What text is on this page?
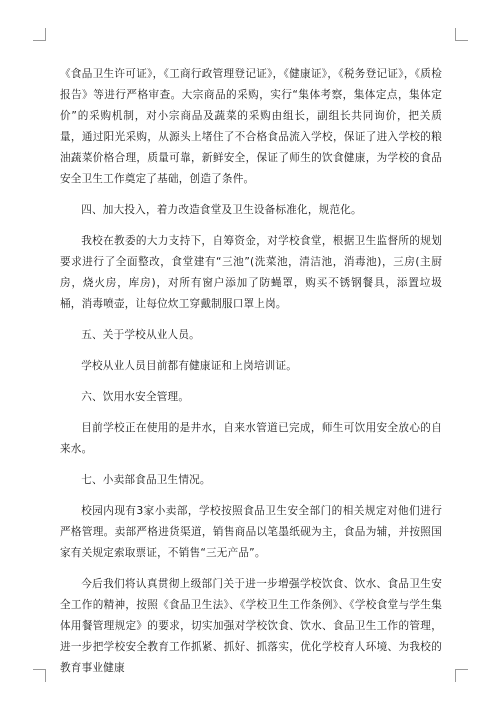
《食品卫生许可证》，《工商行政管理登记证》，《健康证》，《税务登记证》，《质检报告》等进行严格审查。大宗商品的采购，实行“集体考察，集体定点，集体定价”的采购机制，对小宗商品及蔬菜的采购由组长，副组长共同询价，把关质量，通过阳光采购，从源头上堵住了不合格食品流入学校，保证了进入学校的粮油蔬菜价格合理，质量可靠，新鲜安全，保证了师生的饮食健康，为学校的食品安全卫生工作奠定了基础，创造了条件。

四、加大投入，着力改造食堂及卫生设备标准化，规范化。

我校在教委的大力支持下，自筹资金，对学校食堂，根据卫生监督所的规划要求进行了全面整改，食堂建有“三池”(洗菜池，清洁池，消毒池)，三房(主厨房，烧火房，库房)，对所有窗户添加了防蝇罩，购买不锈钢餐具，添置垃圾桶，消毒喷壶，让每位炊工穿戴制服口罩上岗。

五、关于学校从业人员。

学校从业人员目前都有健康证和上岗培训证。

六、饮用水安全管理。

目前学校正在使用的是井水，自来水管道已完成，师生可饮用安全放心的自来水。

七、小卖部食品卫生情况。

校园内现有3家小卖部，学校按照食品卫生安全部门的相关规定对他们进行严格管理。卖部严格进货渠道，销售商品以笔墨纸砚为主，食品为辅，并按照国家有关规定索取票证，不销售“三无产品”。

今后我们将认真贯彻上级部门关于进一步增强学校饮食、饮水、食品卫生安全工作的精神，按照《食品卫生法》、《学校卫生工作条例》、《学校食堂与学生集体用餐管理规定》的要求，切实加强对学校饮食、饮水、食品卫生工作的管理，进一步把学校安全教育工作抓紧、抓好、抓落实，优化学校育人环境、为我校的教育事业健康
